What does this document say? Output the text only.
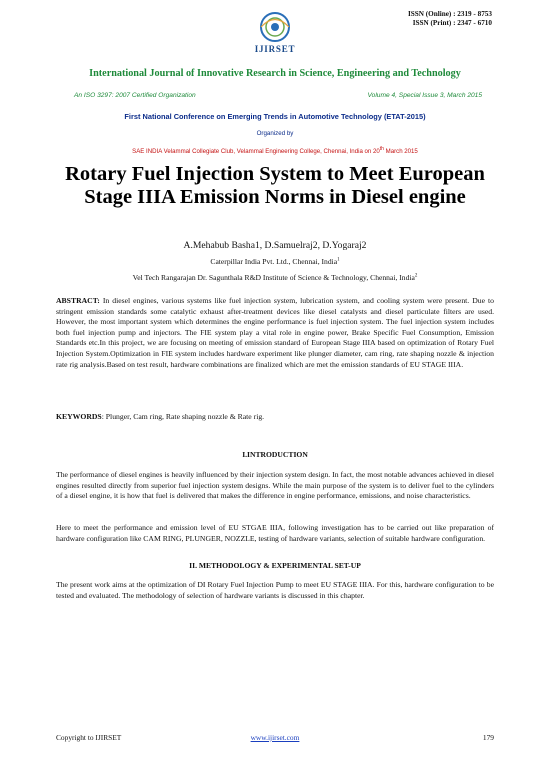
ISSN (Online) : 2319 - 8753
ISSN (Print) : 2347 - 6710
IJIRSET
International Journal of Innovative Research in Science, Engineering and Technology
An ISO 3297: 2007 Certified Organization	Volume 4, Special Issue 3, March 2015
First National Conference on Emerging Trends in Automotive Technology (ETAT-2015)
Organized by
SAE INDIA Velammal Collegiate Club, Velammal Engineering College, Chennai, India on 20th March 2015
Rotary Fuel Injection System to Meet European Stage IIIA Emission Norms in Diesel engine
A.Mehabub Basha1, D.Samuelraj2, D.Yogaraj2
Caterpillar India Pvt. Ltd., Chennai, India$^1$
Vel Tech Rangarajan Dr. Sagunthala R&D Institute of Science & Technology, Chennai, India$^2$
ABSTRACT: In diesel engines, various systems like fuel injection system, lubrication system, and cooling system were present. Due to stringent emission standards some catalytic exhaust after-treatment devices like diesel catalysts and diesel particulate filters are used. However, the most important system which determines the engine performance is fuel injection system. The fuel injection system includes both fuel injection pump and injectors. The FIE system play a vital role in engine power, Brake Specific Fuel Consumption, Emission Standards etc.In this project, we are focusing on meeting of emission standard of European Stage IIIA based on optimization of Rotary Fuel Injection System.Optimization in FIE system includes hardware experiment like plunger diameter, cam ring, rate shaping nozzle & injection rate rig analysis.Based on test result, hardware combinations are finalized which are met the emission standards of EU STAGE IIIA.
KEYWORDS: Plunger, Cam ring, Rate shaping nozzle & Rate rig.
I.INTRODUCTION
The performance of diesel engines is heavily influenced by their injection system design. In fact, the most notable advances achieved in diesel engines resulted directly from superior fuel injection system designs. While the main purpose of the system is to deliver fuel to the cylinders of a diesel engine, it is how that fuel is delivered that makes the difference in engine performance, emissions, and noise characteristics.
Here to meet the performance and emission level of EU STGAE IIIA, following investigation has to be carried out like preparation of hardware configuration like CAM RING, PLUNGER, NOZZLE, testing of hardware variants, selection of suitable hardware configuration.
II. METHODOLOGY & EXPERIMENTAL SET-UP
The present work aims at the optimization of DI Rotary Fuel Injection Pump to meet EU STAGE IIIA. For this, hardware configuration to be tested and evaluated. The methodology of selection of hardware variants is discussed in this chapter.
Copyright to IJIRSET	www.ijirset.com	179
